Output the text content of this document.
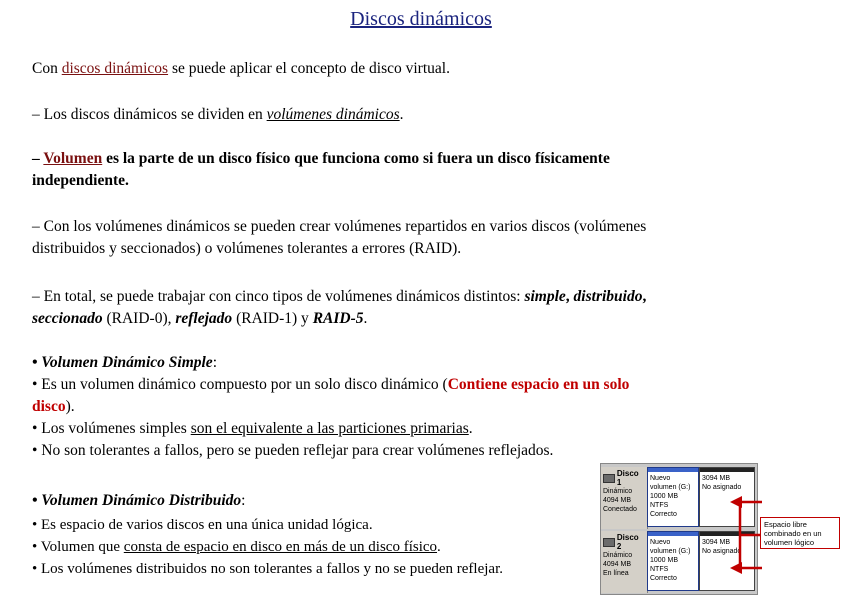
Discos dinámicos
Con discos dinámicos se puede aplicar el concepto de disco virtual.
– Los discos dinámicos se dividen en volúmenes dinámicos.
– Volumen es la parte de un disco físico que funciona como si fuera un disco físicamente
independiente.
– Con los volúmenes dinámicos se pueden crear volúmenes repartidos en varios discos (volúmenes
distribuidos y seccionados) o volúmenes tolerantes a errores (RAID).
– En total, se puede trabajar con cinco tipos de volúmenes dinámicos distintos: simple, distribuido,
seccionado (RAID-0), reflejado (RAID-1) y RAID-5.
• Volumen Dinámico Simple:
• Es un volumen dinámico compuesto por un solo disco dinámico (Contiene espacio en un solo
disco).
• Los volúmenes simples son el equivalente a las particiones primarias.
• No son tolerantes a fallos, pero se pueden reflejar para crear volúmenes reflejados.
• Volumen Dinámico Distribuido:
• Es espacio de varios discos en una única unidad lógica.
• Volumen que consta de espacio en disco en más de un disco físico.
• Los volúmenes distribuidos no son tolerantes a fallos y no se pueden reflejar.
Disco 1
Dinámico
4094 MB
Conectado
Nuevo volumen (G:)
1000 MB NTFS
Correcto
3094 MB
No asignado
Disco 2
Dinámico
4094 MB
En línea
Nuevo volumen (G:)
1000 MB NTFS
Correcto
3094 MB
No asignado
Espacio libre combinado en un volumen lógico
